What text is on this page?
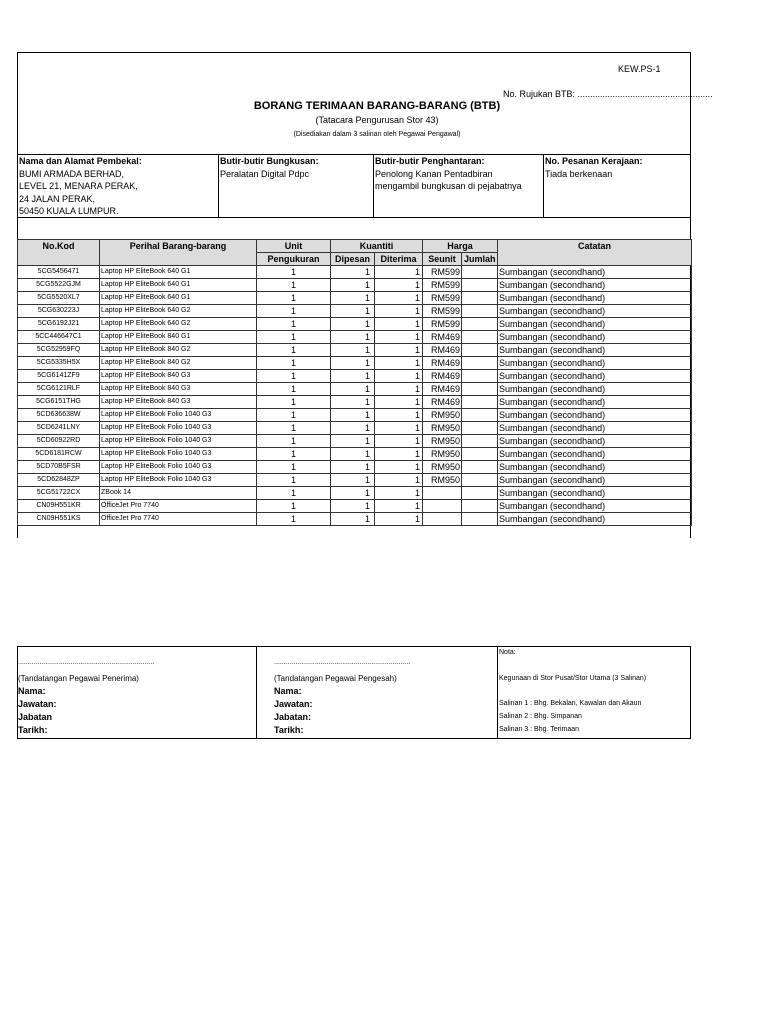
KEW.PS-1
No. Rujukan BTB: ......................................................
BORANG TERIMAAN BARANG-BARANG (BTB)
(Tatacara Pengurusan Stor 43)
(Disediakan dalam 3 salinan oleh Pegawai Pengawal)
Nama dan Alamat Pembekal:
BUMI ARMADA BERHAD,
LEVEL 21, MENARA PERAK,
24 JALAN PERAK,
50450 KUALA LUMPUR.
Butir-butir Bungkusan:
Peralatan Digital Pdpc
Butir-butir Penghantaran:
Penolong Kanan Pentadbiran
mengambil bungkusan di pejabatnya
No. Pesanan Kerajaan:
Tiada berkenaan
No.Kod	Perihal Barang-barang	Unit	Kuantiti		Harga		Catatan
		Pengukuran	Dipesan	Diterima	Seunit	Jumlah	
5CG5456471	Laptop HP EliteBook 640 G1	1	1	1	RM599		Sumbangan (secondhand)
5CG5522GJM	Laptop HP EliteBook 640 G1	1	1	1	RM599		Sumbangan (secondhand)
5CG5520XL7	Laptop HP EliteBook 640 G1	1	1	1	RM599		Sumbangan (secondhand)
5CG630223J	Laptop HP EliteBook 640 G2	1	1	1	RM599		Sumbangan (secondhand)
5CG6192J21	Laptop HP EliteBook 640 G2	1	1	1	RM599		Sumbangan (secondhand)
5CC446647C1	Laptop HP EliteBook 840 G1	1	1	1	RM469		Sumbangan (secondhand)
5CG52959FQ	Laptop HP EliteBook 840 G2	1	1	1	RM469		Sumbangan (secondhand)
5CG5335H5X	Laptop HP EliteBook 840 G2	1	1	1	RM469		Sumbangan (secondhand)
5CG6141ZF9	Laptop HP EliteBook 840 G3	1	1	1	RM469		Sumbangan (secondhand)
5CG6121RLF	Laptop HP EliteBook 840 G3	1	1	1	RM469		Sumbangan (secondhand)
5CG6151THG	Laptop HP EliteBook 840 G3	1	1	1	RM469		Sumbangan (secondhand)
5CD636638W	Laptop HP EliteBook Folio 1040 G3	1	1	1	RM950		Sumbangan (secondhand)
5CD6241LNY	Laptop HP EliteBook Folio 1040 G3	1	1	1	RM950		Sumbangan (secondhand)
5CD60922RD	Laptop HP EliteBook Folio 1040 G3	1	1	1	RM950		Sumbangan (secondhand)
5CD6181RCW	Laptop HP EliteBook Folio 1040 G3	1	1	1	RM950		Sumbangan (secondhand)
5CD70B5FSR	Laptop HP EliteBook Folio 1040 G3	1	1	1	RM950		Sumbangan (secondhand)
5CD62848ZP	Laptop HP EliteBook Folio 1040 G3	1	1	1	RM950		Sumbangan (secondhand)
5CG51722CX	ZBook 14	1	1	1			Sumbangan (secondhand)
CN09H551KR	OfficeJet Pro 7740	1	1	1			Sumbangan (secondhand)
CN09H551KS	OfficeJet Pro 7740	1	1	1			Sumbangan (secondhand)
......................................................................
(Tandatangan Pegawai Penerima)
Nama:
Jawatan:
Jabatan
Tarikh:
......................................................................
(Tandatangan Pegawai Pengesah)
Nama:
Jawatan:
Jabatan:
Tarikh:
Nota:
Kegunaan di Stor Pusat/Stor Utama (3 Salinan)
Salinan 1 : Bhg. Bekalan, Kawalan dan Akaun
Salinan 2 : Bhg. Simpanan
Salinan 3 : Bhg. Terimaan
